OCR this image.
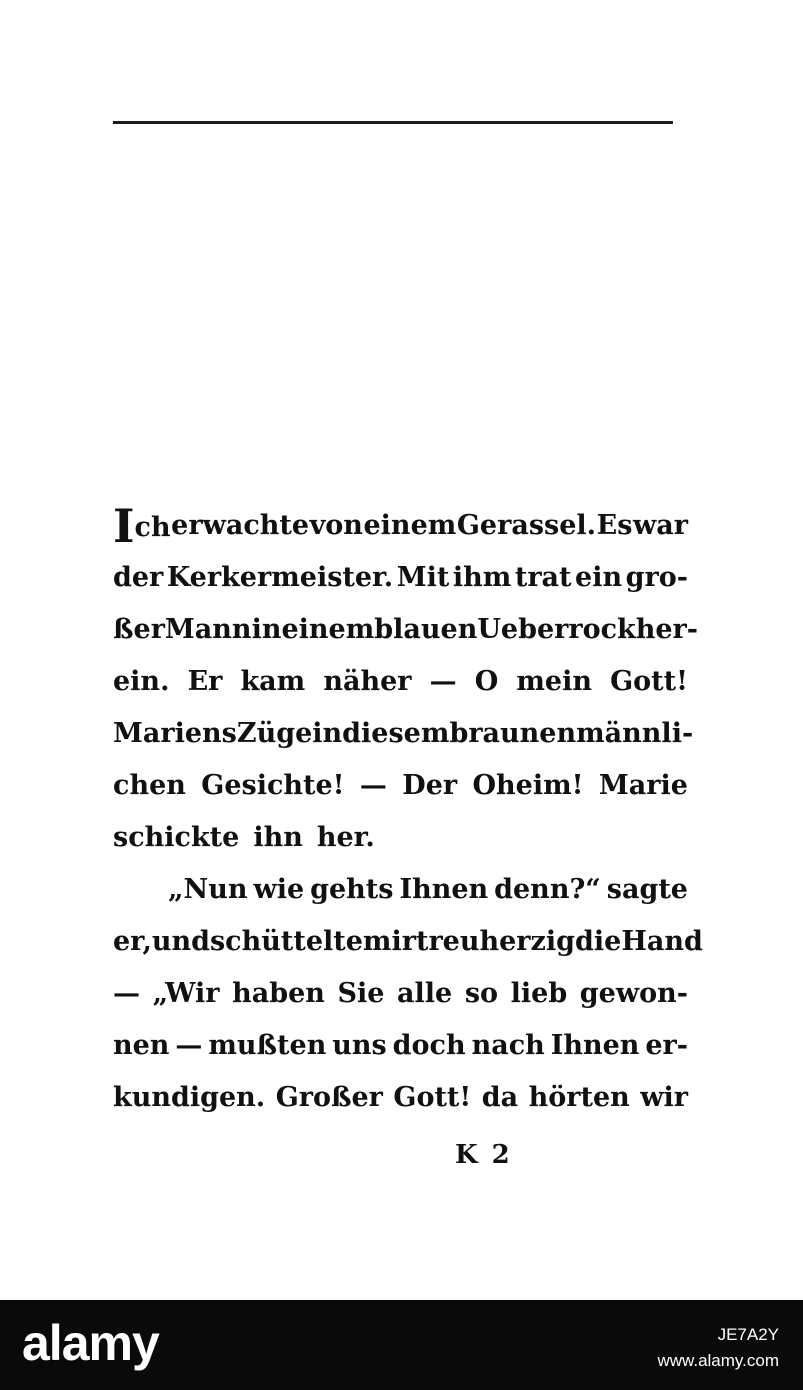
Ich erwachte von einem Gerassel. Es war
der Kerkermeister. Mit ihm trat ein gro-
ßer Mann in einem blauen Ueberrock her-
ein. Er kam näher — O mein Gott!
Mariens Züge in diesem braunen männli-
chen Gesichte! — Der Oheim! Marie
schickte ihn her.
„Nun wie gehts Ihnen denn?“ sagte
er, und schüttelte mir treuherzig die Hand
— „Wir haben Sie alle so lieb gewon-
nen — mußten uns doch nach Ihnen er-
kundigen. Großer Gott! da hörten wir
K 2
alamy	JE7A2Y
www.alamy.com
